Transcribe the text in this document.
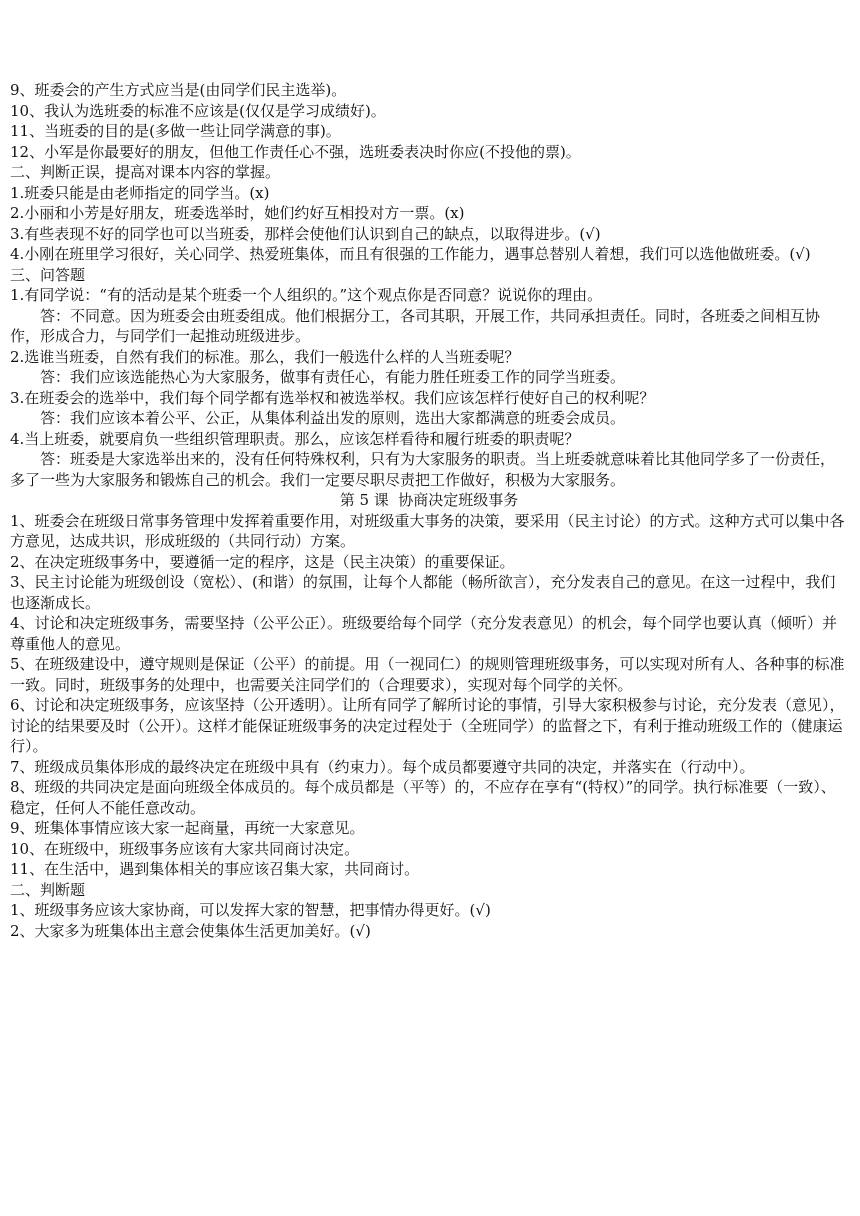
9、班委会的产生方式应当是(由同学们民主选举)。

10、我认为选班委的标准不应该是(仅仅是学习成绩好)。

11、当班委的目的是(多做一些让同学满意的事)。

12、小军是你最要好的朋友，但他工作责任心不强，选班委表决时你应(不投他的票)。

二、判断正误，提高对课本内容的掌握。

1.班委只能是由老师指定的同学当。(x)

2.小丽和小芳是好朋友，班委选举时，她们约好互相投对方一票。(x)

3.有些表现不好的同学也可以当班委，那样会使他们认识到自己的缺点，以取得进步。(√)

4.小刚在班里学习很好，关心同学、热爱班集体，而且有很强的工作能力，遇事总替别人着想，我们可以选他做班委。(√)

三、问答题

1.有同学说：“有的活动是某个班委一个人组织的。”这个观点你是否同意？说说你的理由。

答：不同意。因为班委会由班委组成。他们根据分工，各司其职，开展工作，共同承担责任。同时，各班委之间相互协作，形成合力，与同学们一起推动班级进步。

2.选谁当班委，自然有我们的标准。那么，我们一般选什么样的人当班委呢？

答：我们应该选能热心为大家服务，做事有责任心，有能力胜任班委工作的同学当班委。

3.在班委会的选举中，我们每个同学都有选举权和被选举权。我们应该怎样行使好自己的权利呢？

答：我们应该本着公平、公正，从集体利益出发的原则，选出大家都满意的班委会成员。

4.当上班委，就要肩负一些组织管理职责。那么，应该怎样看待和履行班委的职责呢？

答：班委是大家选举出来的，没有任何特殊权利，只有为大家服务的职责。当上班委就意味着比其他同学多了一份责任，多了一些为大家服务和锻炼自己的机会。我们一定要尽职尽责把工作做好，积极为大家服务。

第 5 课  协商决定班级事务

1、班委会在班级日常事务管理中发挥着重要作用，对班级重大事务的决策，要采用（民主讨论）的方式。这种方式可以集中各方意见，达成共识，形成班级的（共同行动）方案。

2、在决定班级事务中，要遵循一定的程序，这是（民主决策）的重要保证。

3、民主讨论能为班级创设（宽松）、(和谐）的氛围，让每个人都能（畅所欲言），充分发表自己的意见。在这一过程中，我们也逐渐成长。

4、讨论和决定班级事务，需要坚持（公平公正）。班级要给每个同学（充分发表意见）的机会，每个同学也要认真（倾听）并尊重他人的意见。

5、在班级建设中，遵守规则是保证（公平）的前提。用（一视同仁）的规则管理班级事务，可以实现对所有人、各种事的标准一致。同时，班级事务的处理中，也需要关注同学们的（合理要求），实现对每个同学的关怀。

6、讨论和决定班级事务，应该坚持（公开透明）。让所有同学了解所讨论的事情，引导大家积极参与讨论，充分发表（意见），讨论的结果要及时（公开）。这样才能保证班级事务的决定过程处于（全班同学）的监督之下，有利于推动班级工作的（健康运行）。

7、班级成员集体形成的最终决定在班级中具有（约束力）。每个成员都要遵守共同的决定，并落实在（行动中）。

8、班级的共同决定是面向班级全体成员的。每个成员都是（平等）的，不应存在享有“(特权）”的同学。执行标准要（一致）、稳定，任何人不能任意改动。

9、班集体事情应该大家一起商量，再统一大家意见。

10、在班级中，班级事务应该有大家共同商讨决定。

11、在生活中，遇到集体相关的事应该召集大家，共同商讨。

二、判断题

1、班级事务应该大家协商，可以发挥大家的智慧，把事情办得更好。(√)

2、大家多为班集体出主意会使集体生活更加美好。(√)
